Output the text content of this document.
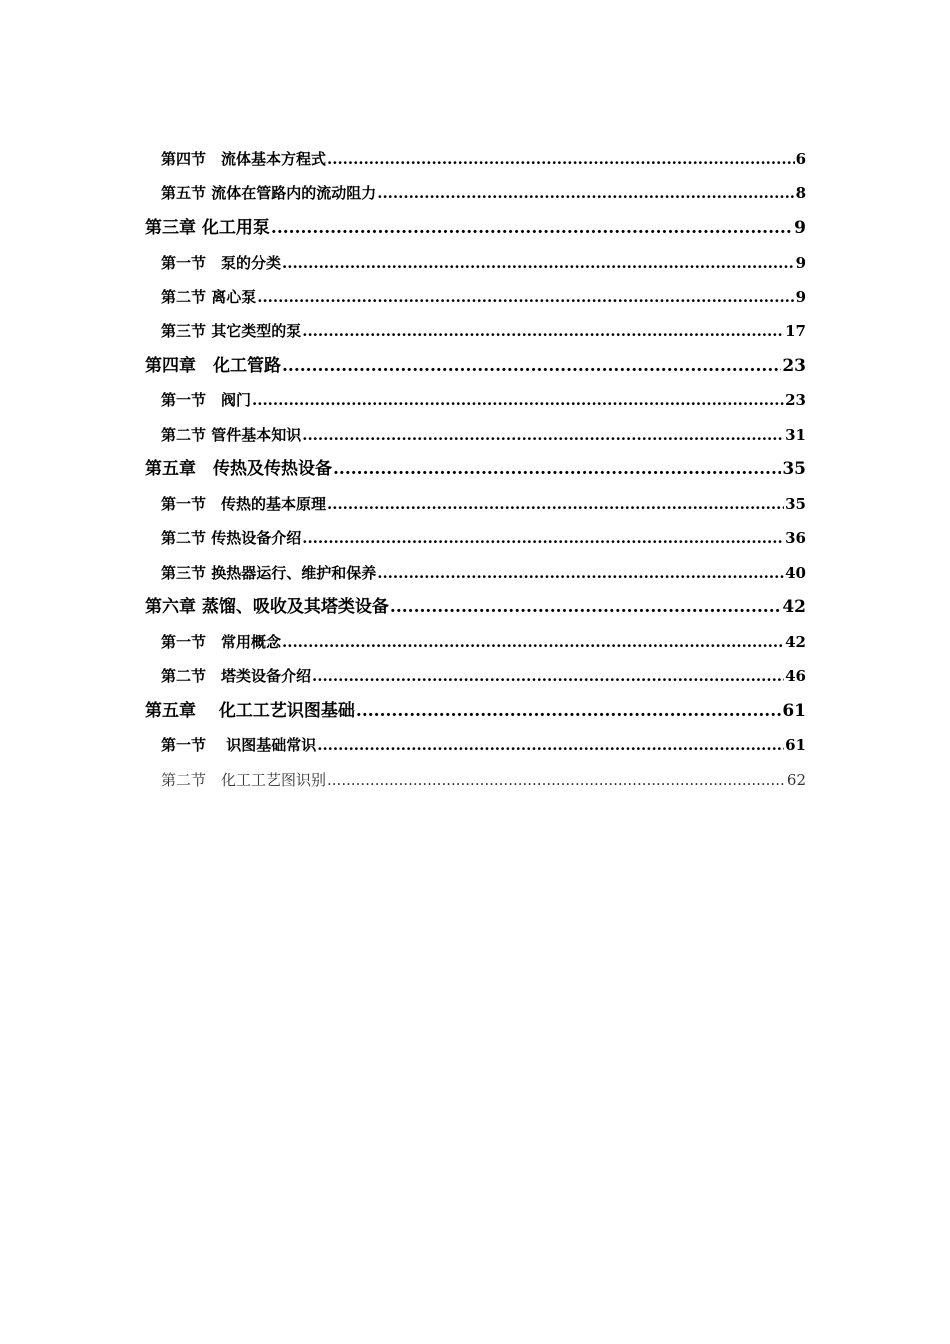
第四节　流体基本方程式 .....	6
第五节 流体在管路内的流动阻力 .....	8
第三章 化工用泵 .....	9
第一节　泵的分类 .....	9
第二节 离心泵 .....	9
第三节 其它类型的泵 .....	17
第四章　化工管路 .....	23
第一节　阀门 .....	23
第二节 管件基本知识 .....	31
第五章　传热及传热设备 .....	35
第一节　传热的基本原理 .....	35
第二节 传热设备介绍 .....	36
第三节 换热器运行、维护和保养 .....	40
第六章 蒸馏、吸收及其塔类设备 .....	42
第一节　常用概念 .....	42
第二节　塔类设备介绍 .....	46
第五章　 化工工艺识图基础 .....	61
第一节　 识图基础常识 .....	61
第二节　化工工艺图识别 .....	62
